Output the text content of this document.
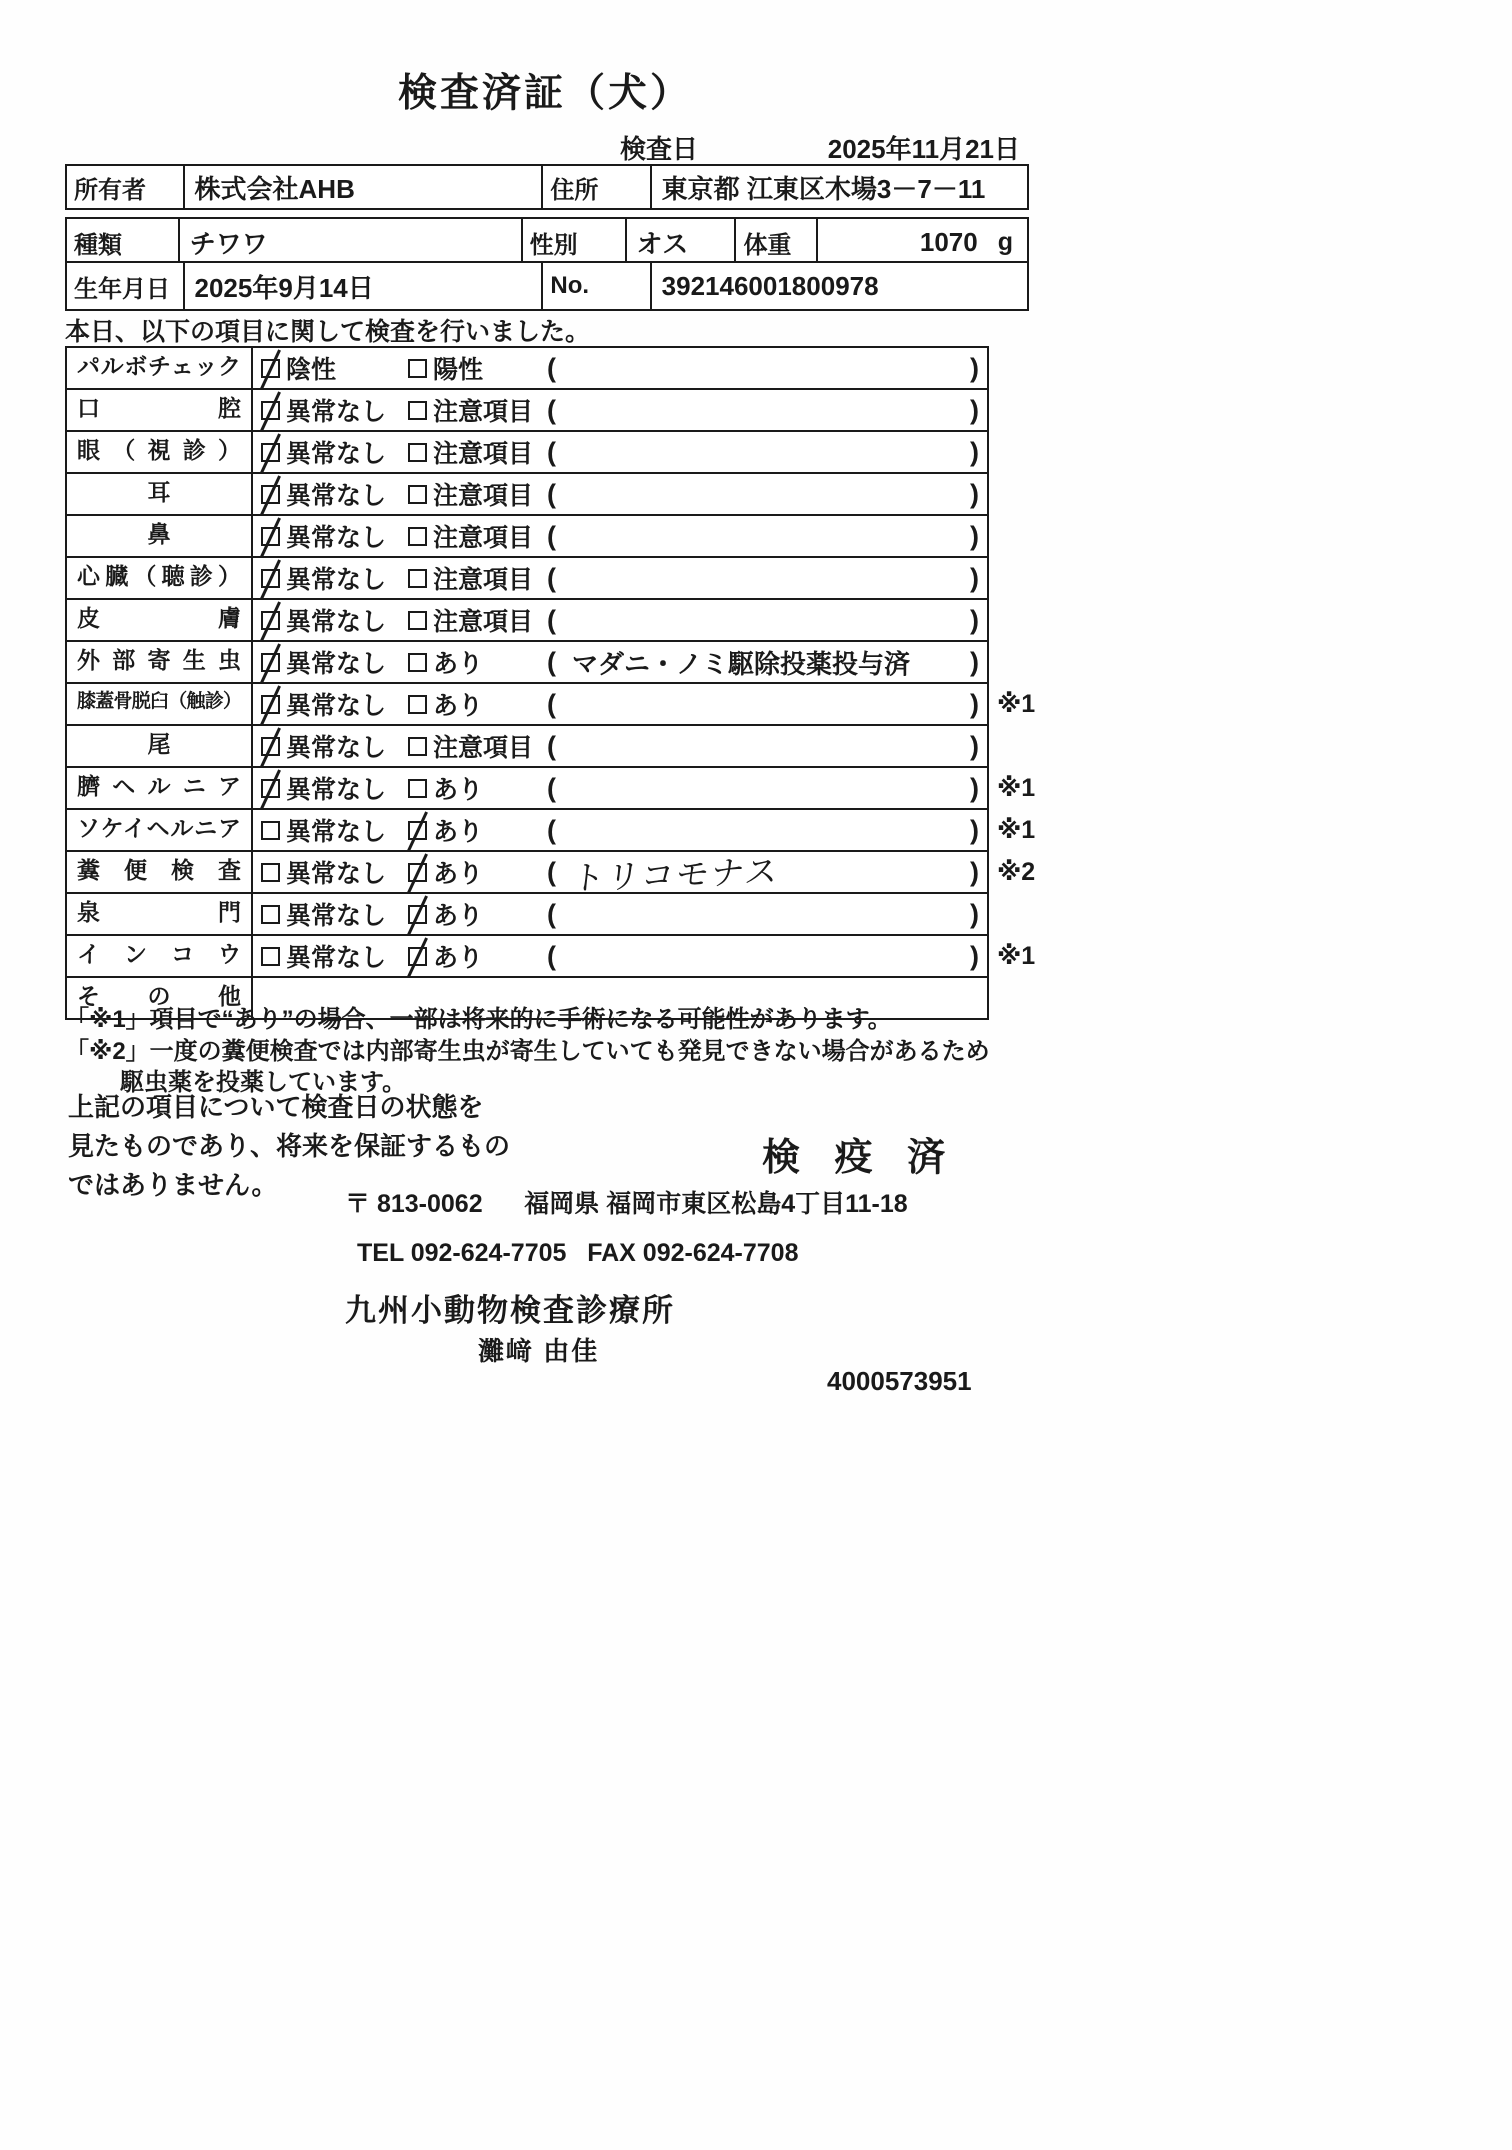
検査済証（犬）
検査日	2025年11月21日
所有者	株式会社AHB	住所	東京都 江東区木場3－7－11
種類	チワワ	性別	オス	体重	1070 g
生年月日 2025年9月14日	No.	392146001800978
本日、以下の項目に関して検査を行いました。
パルボチェック	陰性	陽性 (	)
口腔	異常なし 注意項目 (	)
眼（視診）	異常なし 注意項目 (	)
耳	異常なし 注意項目 (	)
鼻	異常なし 注意項目 (	)
心臓（聴診）	異常なし 注意項目 (	)
皮膚	異常なし 注意項目 (	)
外部寄生虫	異常なし あり ( マダニ・ノミ駆除投薬投与済 )
膝蓋骨脱臼（触診）	異常なし あり (	) ※1
尾	異常なし 注意項目 (	)
臍ヘルニア	異常なし あり (	) ※1
ソケイヘルニア	異常なし あり (	) ※1
糞便検査	異常なし あり ( トリコモナス	) ※2
泉門	異常なし あり (	)
インコウ	異常なし あり (	) ※1
その他
「※1」項目で“あり”の場合、一部は将来的に手術になる可能性があります。
「※2」一度の糞便検査では内部寄生虫が寄生していても発見できない場合があるため
駆虫薬を投薬しています。
上記の項目について検査日の状態を
見たものであり、将来を保証するもの
ではありません。
検 疫 済
〒 813-0062      福岡県 福岡市東区松島4丁目11-18
TEL 092-624-7705   FAX 092-624-7708
九州小動物検査診療所
灘﨑 由佳
4000573951
